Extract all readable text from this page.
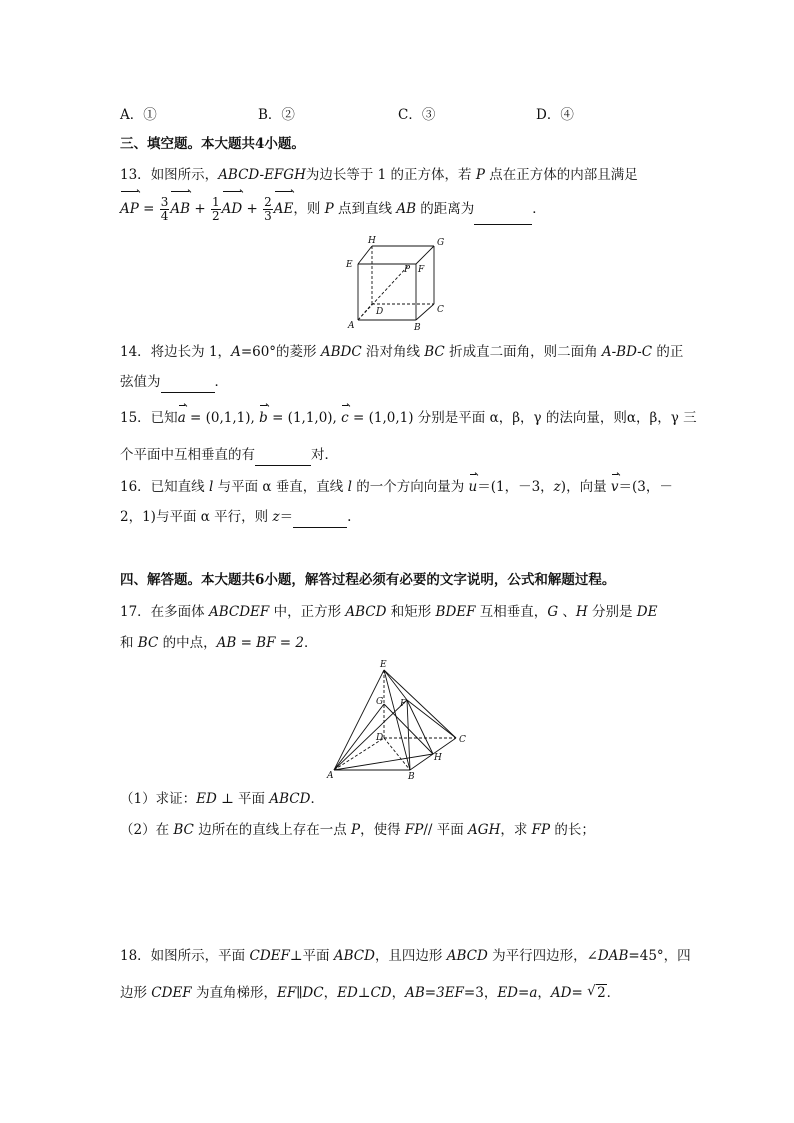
A．①	B．②	C．③	D．④
三、填空题。本大题共4小题。
13．如图所示，ABCD-EFGH为边长等于 1 的正方体，若 P 点在正方体的内部且满足
AP = $\frac{3}{4}$ AB + $\frac{1}{2}$ AD + $\frac{2}{3}$ AE，则 P 点到直线 AB 的距离为	．
H	G
E	P F
D	C
A	B
14．将边长为 1，A=60°的菱形 ABDC 沿对角线 BC 折成直二面角，则二面角 A-BD-C 的正
弦值为	．
15．已知a = (0,1,1), b = (1,1,0), c = (1,0,1) 分别是平面 α，β，γ 的法向量，则α，β，γ 三
个平面中互相垂直的有	对．
16．已知直线 l 与平面 α 垂直，直线 l 的一个方向向量为 u＝(1，－3，z)，向量 v＝(3，－
2，1)与平面 α 平行，则 z＝	.
四、解答题。本大题共6小题，解答过程必须有必要的文字说明，公式和解题过程。
17．在多面体 ABCDEF 中，正方形 ABCD 和矩形 BDEF 互相垂直，G 、H 分别是 DE
和 BC 的中点，AB = BF = 2．
E
G F
D	C
H
A	B
（1）求证：ED ⊥ 平面 ABCD．
（2）在 BC 边所在的直线上存在一点 P，使得 FP// 平面 AGH，求 FP 的长；
18．如图所示，平面 CDEF⊥平面 ABCD，且四边形 ABCD 为平行四边形，∠DAB=45°，四
边形 CDEF 为直角梯形，EF∥DC，ED⊥CD，AB=3EF=3，ED=a，AD= √ 2．
